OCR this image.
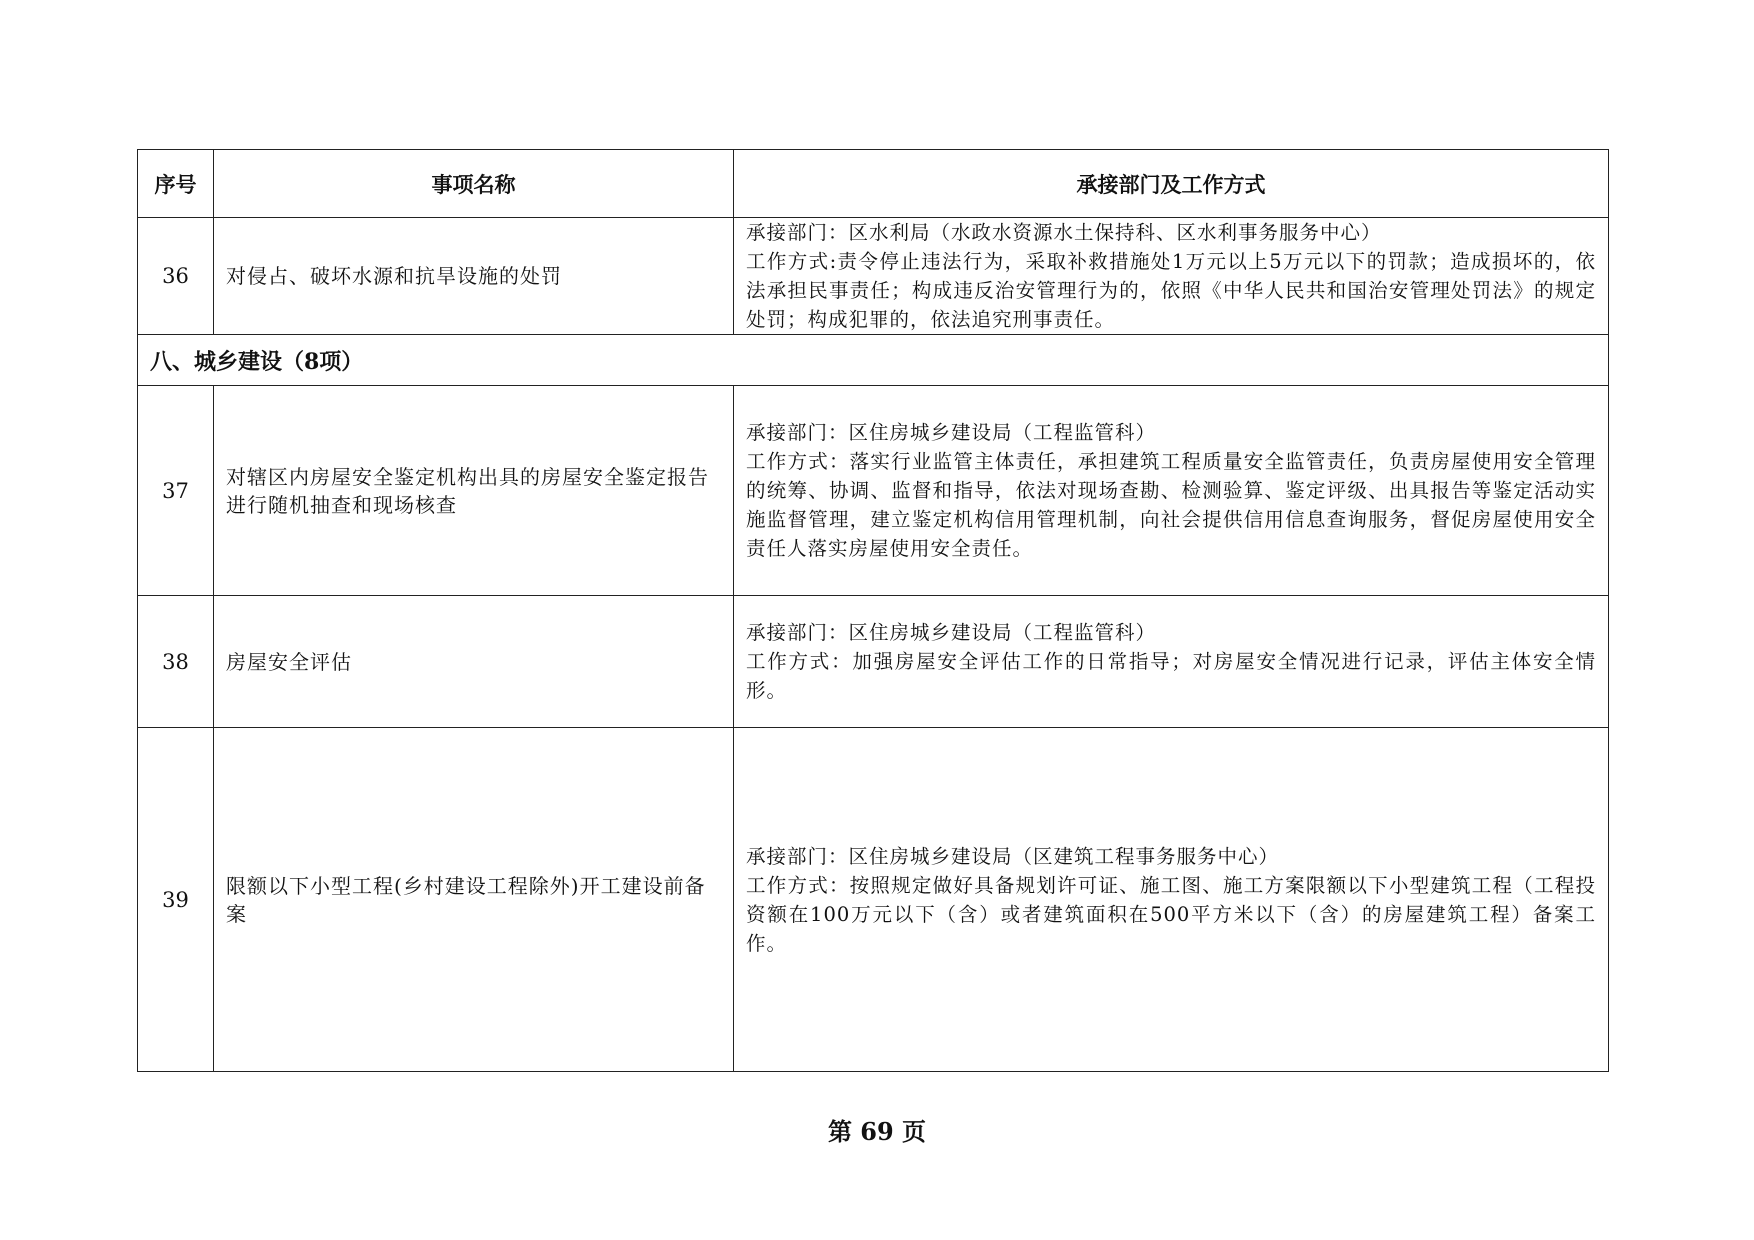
序号	事项名称	承接部门及工作方式
36	对侵占、破坏水源和抗旱设施的处罚	承接部门：区水利局（水政水资源水土保持科、区水利事务服务中心）
工作方式:责令停止违法行为，采取补救措施处1万元以上5万元以下的罚款；造成损坏的，依法承担民事责任；构成违反治安管理行为的，依照《中华人民共和国治安管理处罚法》的规定处罚；构成犯罪的，依法追究刑事责任。

八、城乡建设（8项）		
37	对辖区内房屋安全鉴定机构出具的房屋安全鉴定报告进行随机抽查和现场核查	承接部门：区住房城乡建设局（工程监管科）
工作方式：落实行业监管主体责任，承担建筑工程质量安全监管责任，负责房屋使用安全管理的统筹、协调、监督和指导，依法对现场查勘、检测验算、鉴定评级、出具报告等鉴定活动实施监督管理，建立鉴定机构信用管理机制，向社会提供信用信息查询服务，督促房屋使用安全责任人落实房屋使用安全责任。

38	房屋安全评估	承接部门：区住房城乡建设局（工程监管科）
工作方式：加强房屋安全评估工作的日常指导；对房屋安全情况进行记录，评估主体安全情形。

39	限额以下小型工程(乡村建设工程除外)开工建设前备案	承接部门：区住房城乡建设局（区建筑工程事务服务中心）
工作方式：按照规定做好具备规划许可证、施工图、施工方案限额以下小型建筑工程（工程投资额在100万元以下（含）或者建筑面积在500平方米以下（含）的房屋建筑工程）备案工作。
第 69 页
